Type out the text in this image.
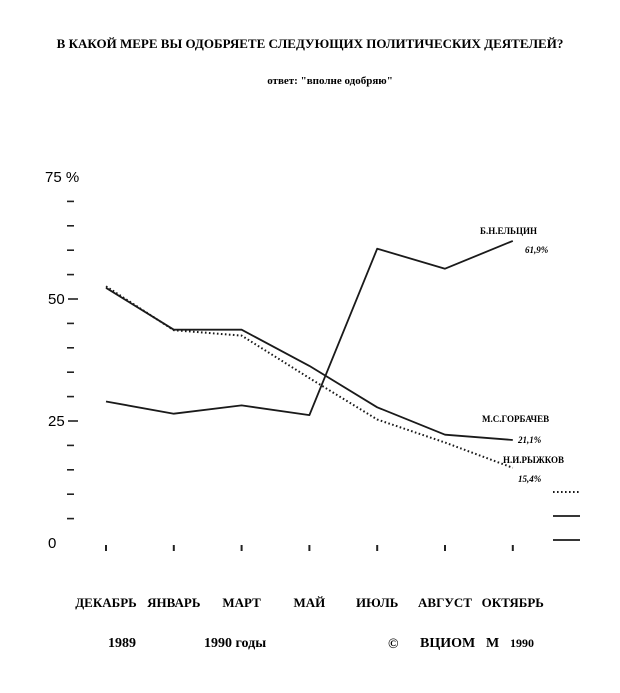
В КАКОЙ МЕРЕ ВЫ ОДОБРЯЕТЕ СЛЕДУЮЩИХ ПОЛИТИЧЕСКИХ ДЕЯТЕЛЕЙ?
ответ: "вполне одобряю"
0
25
50
75 %
ДЕКАБРЬ ЯНВАРЬ МАРТ	МАЙ ИЮЛЬ АВГУСТ ОКТЯБРЬ
Б.Н.ЕЛЬЦИН
61,9%
М.С.ГОРБАЧЕВ
21,1%
Н.И.РЫЖКОВ
15,4%
1989	1990 годы	© ВЦИОМ М 1990
